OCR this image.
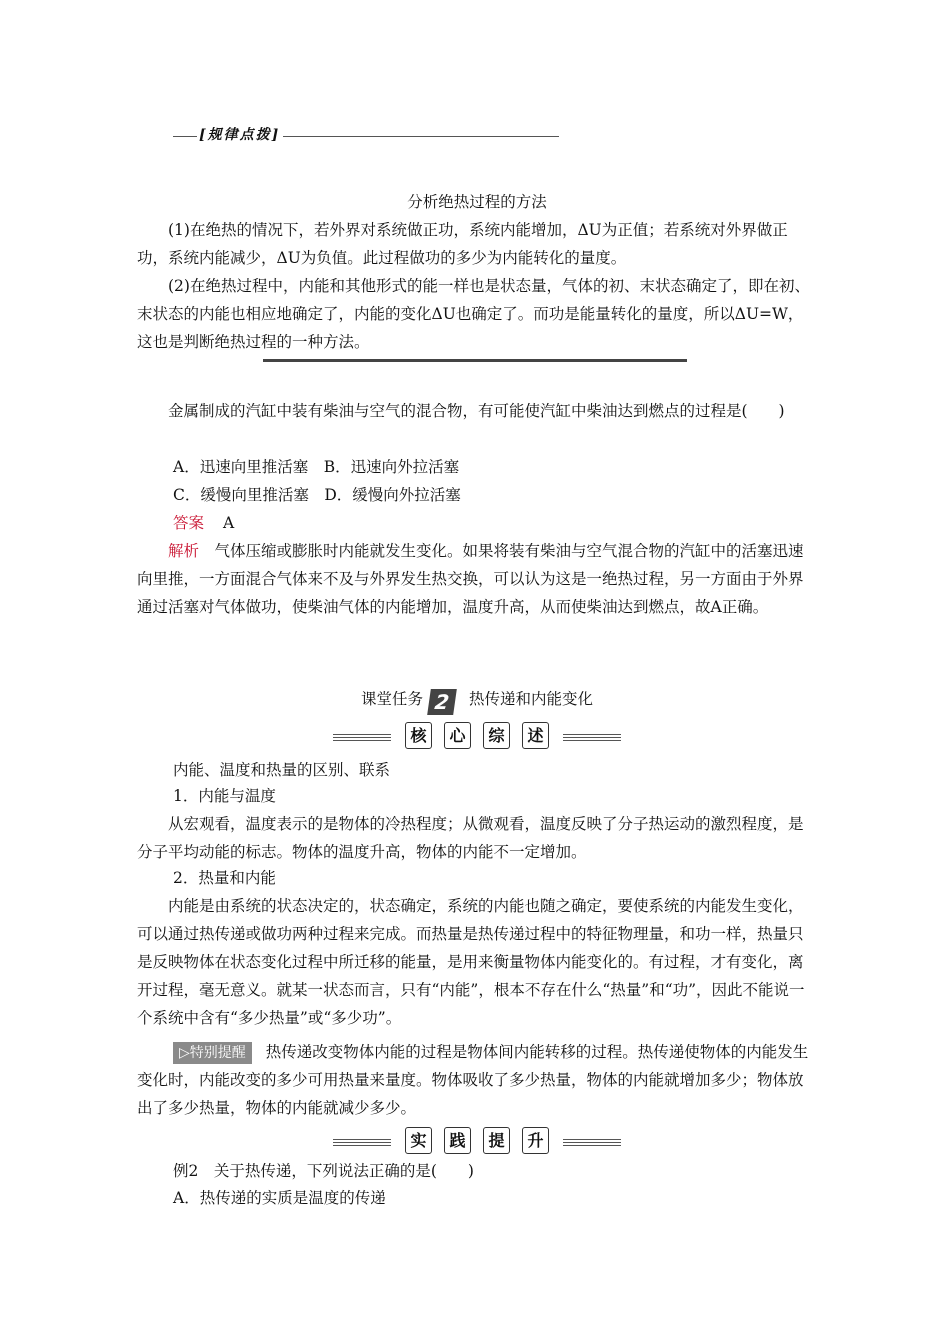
[规律点拨]
分析绝热过程的方法

(1)在绝热的情况下，若外界对系统做正功，系统内能增加，ΔU为正值；若系统对外界做正功，系统内能减少，ΔU为负值。此过程做功的多少为内能转化的量度。

(2)在绝热过程中，内能和其他形式的能一样也是状态量，气体的初、末状态确定了，即在初、末状态的内能也相应地确定了，内能的变化ΔU也确定了。而功是能量转化的量度，所以ΔU=W，这也是判断绝热过程的一种方法。

金属制成的汽缸中装有柴油与空气的混合物，有可能使汽缸中柴油达到燃点的过程是(　　)

A．迅速向里推活塞　B．迅速向外拉活塞
C．缓慢向里推活塞　D．缓慢向外拉活塞
答案 A

解析　 气体压缩或膨胀时内能就发生变化。如果将装有柴油与空气混合物的汽缸中的活塞迅速向里推，一方面混合气体来不及与外界发生热交换，可以认为这是一绝热过程，另一方面由于外界通过活塞对气体做功，使柴油气体的内能增加，温度升高，从而使柴油达到燃点，故A正确。

课堂任务 2 热传递和内能变化
核 心 综 述
内能、温度和热量的区别、联系
1．内能与温度

从宏观看，温度表示的是物体的冷热程度；从微观看，温度反映了分子热运动的激烈程度，是分子平均动能的标志。物体的温度升高，物体的内能不一定增加。

2．热量和内能

内能是由系统的状态决定的，状态确定，系统的内能也随之确定，要使系统的内能发生变化，可以通过热传递或做功两种过程来完成。而热量是热传递过程中的特征物理量，和功一样，热量只是反映物体在状态变化过程中所迁移的能量，是用来衡量物体内能变化的。有过程，才有变化，离开过程，毫无意义。就某一状态而言，只有“内能”，根本不存在什么“热量”和“功”，因此不能说一个系统中含有“多少热量”或“多少功”。

▷特别提醒 热传递改变物体内能的过程是物体间内能转移的过程。热传递使物体的内能发生变化时，内能改变的多少可用热量来量度。物体吸收了多少热量，物体的内能就增加多少；物体放出了多少热量，物体的内能就减少多少。

实 践 提 升
例2　关于热传递，下列说法正确的是(　　)
A．热传递的实质是温度的传递
